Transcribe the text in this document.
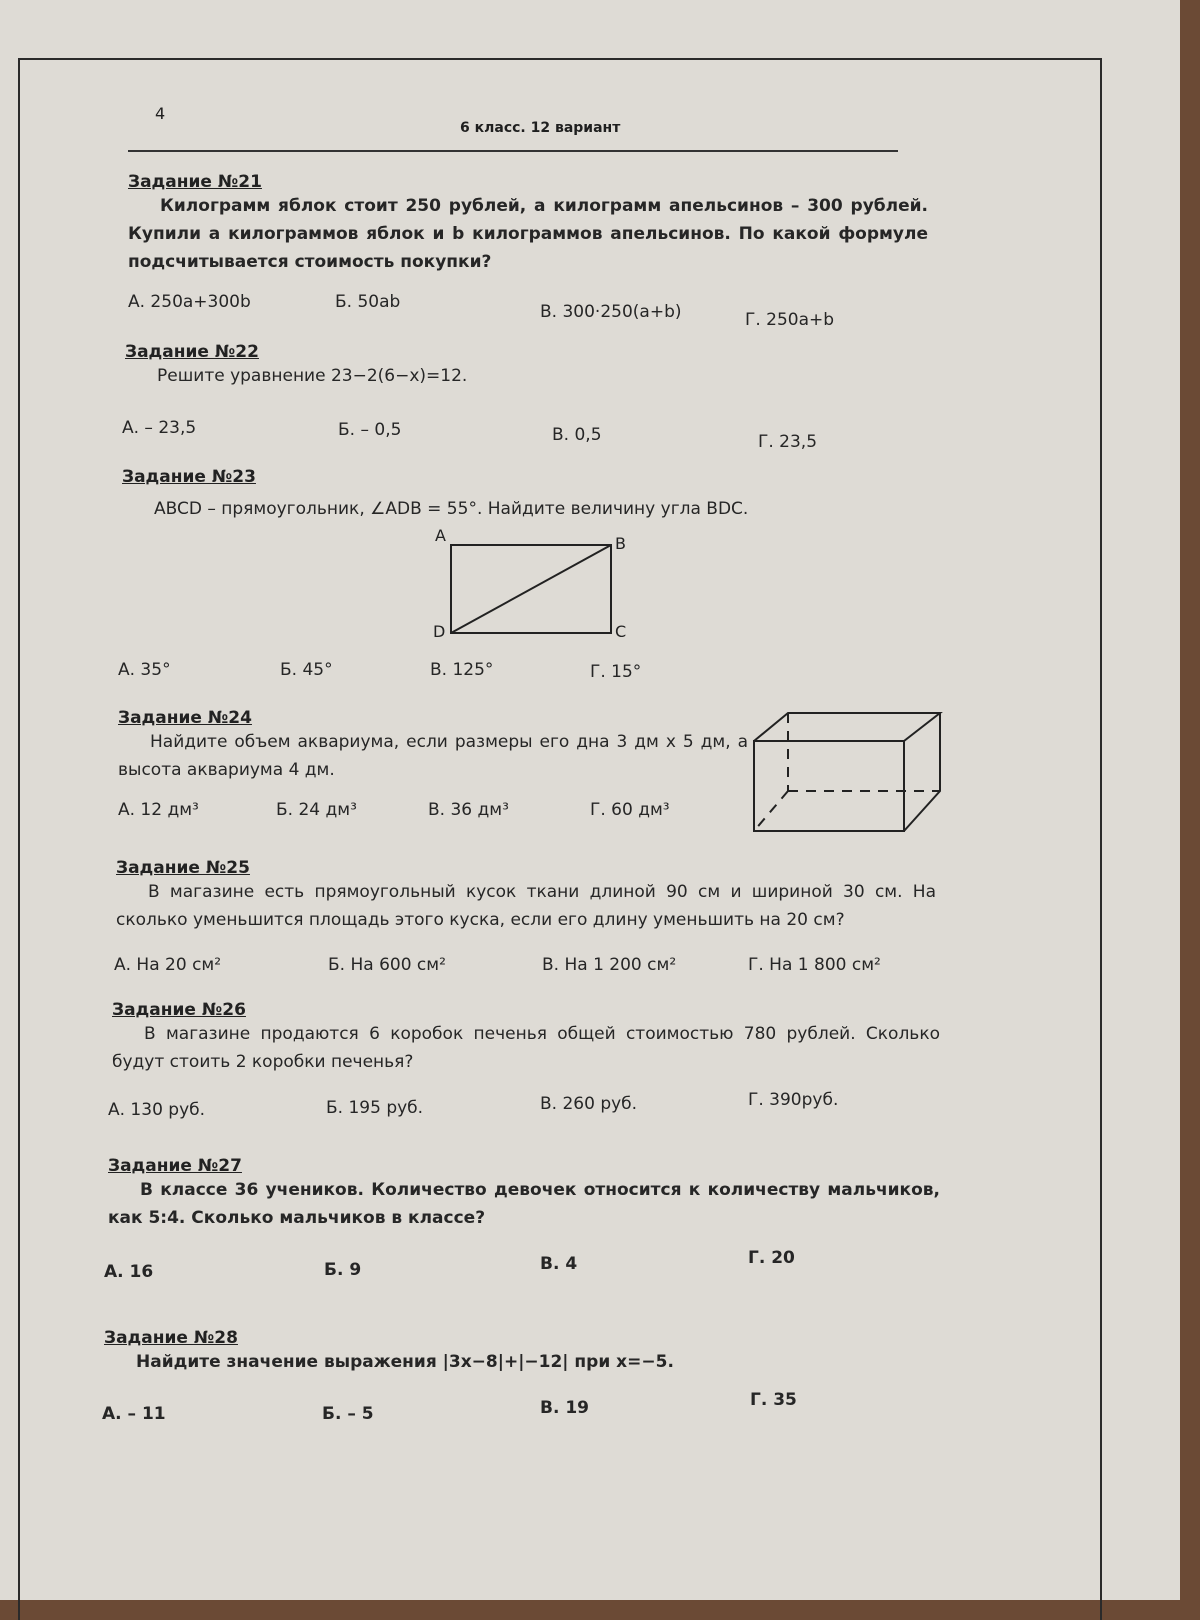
4
6 класс. 12 вариант
Задание №21
Килограмм яблок стоит 250 рублей, а килограмм апельсинов – 300 рублей. Купили a килограммов яблок и b килограммов апельсинов. По какой формуле подсчитывается стоимость покупки?
А. 250a+300b	Б. 50ab	В. 300·250(a+b)	Г. 250a+b
Задание №22
Решите уравнение 23−2(6−x)=12.
А. – 23,5	Б. – 0,5	В. 0,5	Г. 23,5
Задание №23
ABCD – прямоугольник, ∠ADB = 55°. Найдите величину угла BDC.
A	B
D	C
А. 35°	Б. 45°	В. 125°	Г. 15°
Задание №24
Найдите объем аквариума, если размеры его дна 3 дм х 5 дм, а высота аквариума 4 дм.
А. 12 дм³	Б. 24 дм³	В. 36 дм³	Г. 60 дм³
Задание №25
В магазине есть прямоугольный кусок ткани длиной 90 см и шириной 30 см. На сколько уменьшится площадь этого куска, если его длину уменьшить на 20 см?
А. На 20 см²	Б. На 600 см²	В. На 1 200 см²	Г. На 1 800 см²
Задание №26
В магазине продаются 6 коробок печенья общей стоимостью 780 рублей. Сколько будут стоить 2 коробки печенья?
А. 130 руб.	Б. 195 руб.	В. 260 руб.	Г. 390руб.
Задание №27
В классе 36 учеников. Количество девочек относится к количеству мальчиков, как 5:4. Сколько мальчиков в классе?
А. 16	Б. 9	В. 4	Г. 20
Задание №28
Найдите значение выражения |3x−8|+|−12| при x=−5.
А. – 11	Б. – 5	В. 19	Г. 35
